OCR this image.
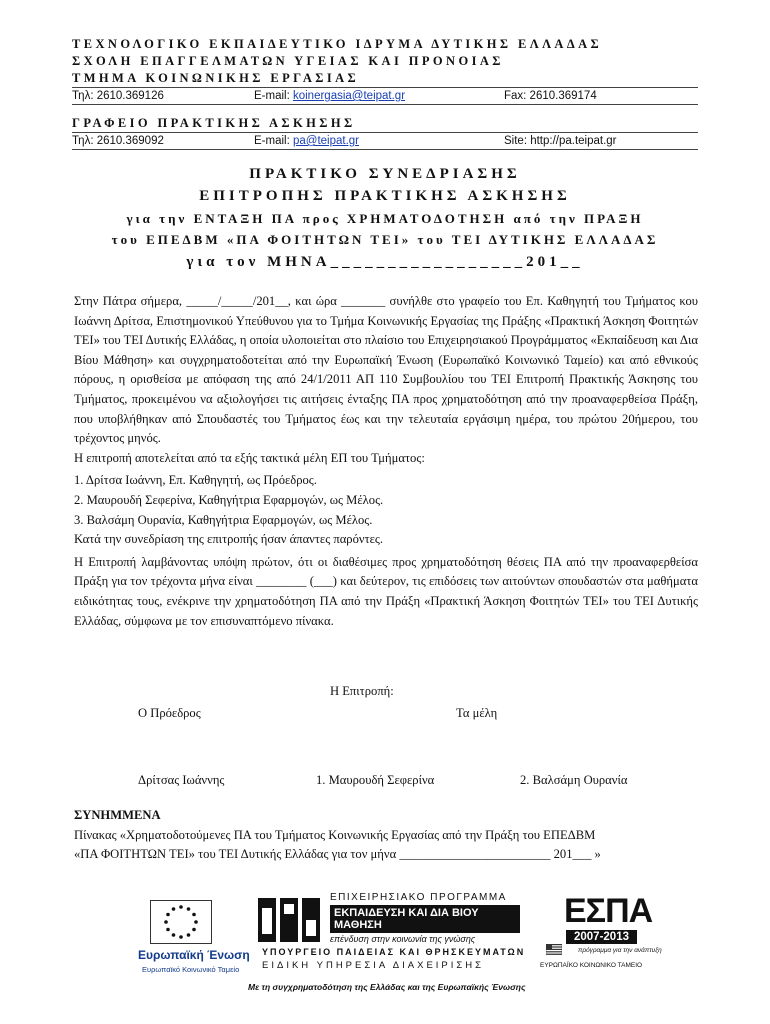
ΤΕΧΝΟΛΟΓΙΚΟ ΕΚΠΑΙΔΕΥΤΙΚΟ ΙΔΡΥΜΑ ΔΥΤΙΚΗΣ ΕΛΛΑΔΑΣ
ΣΧΟΛΗ ΕΠΑΓΓΕΛΜΑΤΩΝ ΥΓΕΙΑΣ ΚΑΙ ΠΡΟΝΟΙΑΣ
ΤΜΗΜΑ ΚΟΙΝΩΝΙΚΗΣ ΕΡΓΑΣΙΑΣ
Τηλ: 2610.369126	E-mail: koinergasia@teipat.gr	Fax: 2610.369174
ΓΡΑΦΕΙΟ ΠΡΑΚΤΙΚΗΣ ΑΣΚΗΣΗΣ
Τηλ: 2610.369092	E-mail: pa@teipat.gr	Site: http://pa.teipat.gr
ΠΡΑΚΤΙΚΟ ΣΥΝΕΔΡΙΑΣΗΣ
ΕΠΙΤΡΟΠΗΣ ΠΡΑΚΤΙΚΗΣ ΑΣΚΗΣΗΣ
για την ΕΝΤΑΞΗ ΠΑ προς ΧΡΗΜΑΤΟΔΟΤΗΣΗ από την ΠΡΑΞΗ
του ΕΠΕΔΒΜ «ΠΑ ΦΟΙΤΗΤΩΝ ΤΕΙ» του ΤΕΙ ΔΥΤΙΚΗΣ ΕΛΛΑΔΑΣ
για τον ΜΗΝΑ_________________201__

Στην Πάτρα σήμερα, _____/_____/201__, και ώρα _______ συνήλθε στο γραφείο του Επ. Καθηγητή του Τμήματος κου Ιωάννη Δρίτσα, Επιστημονικού Υπεύθυνου για το Τμήμα Κοινωνικής Εργασίας της Πράξης «Πρακτική Άσκηση Φοιτητών ΤΕΙ» του ΤΕΙ Δυτικής Ελλάδας, η οποία υλοποιείται στο πλαίσιο του Επιχειρησιακού Προγράμματος «Εκπαίδευση και Δια Βίου Μάθηση» και συγχρηματοδοτείται από την Ευρωπαϊκή Ένωση (Ευρωπαϊκό Κοινωνικό Ταμείο) και από εθνικούς πόρους, η ορισθείσα με απόφαση της από 24/1/2011 ΑΠ 110 Συμβουλίου του ΤΕΙ Επιτροπή Πρακτικής Άσκησης του Τμήματος, προκειμένου να αξιολογήσει τις αιτήσεις ένταξης ΠΑ προς χρηματοδότηση από την προαναφερθείσα Πράξη, που υποβλήθηκαν από Σπουδαστές του Τμήματος έως και την τελευταία εργάσιμη ημέρα, του πρώτου 20ήμερου, του τρέχοντος μηνός.

Η επιτροπή αποτελείται από τα εξής τακτικά μέλη ΕΠ του Τμήματος:

1. Δρίτσα Ιωάννη, Επ. Καθηγητή, ως Πρόεδρος.

2. Μαυρουδή Σεφερίνα, Καθηγήτρια Εφαρμογών, ως Μέλος.

3. Βαλσάμη Ουρανία, Καθηγήτρια Εφαρμογών, ως Μέλος.

Κατά την συνεδρίαση της επιτροπής ήσαν άπαντες παρόντες.

Η Επιτροπή λαμβάνοντας υπόψη πρώτον, ότι οι διαθέσιμες προς χρηματοδότηση θέσεις ΠΑ από την προαναφερθείσα Πράξη για τον τρέχοντα μήνα είναι ________ (___) και δεύτερον, τις επιδόσεις των αιτούντων σπουδαστών στα μαθήματα ειδικότητας τους, ενέκρινε την χρηματοδότηση ΠΑ από την Πράξη «Πρακτική Άσκηση Φοιτητών ΤΕΙ» του ΤΕΙ Δυτικής Ελλάδας, σύμφωνα με τον επισυναπτόμενο πίνακα.

Η Επιτροπή:
Ο Πρόεδρος	Τα μέλη
Δρίτσας Ιωάννης	1. Μαυρουδή Σεφερίνα	2. Βαλσάμη Ουρανία

ΣΥΝΗΜΜΕΝΑ

Πίνακας «Χρηματοδοτούμενες ΠΑ του Τμήματος Κοινωνικής Εργασίας από την Πράξη του ΕΠΕΔΒΜ

«ΠΑ ΦΟΙΤΗΤΩΝ ΤΕΙ» του ΤΕΙ Δυτικής Ελλάδας για τον μήνα ________________________ 201___ »

Ευρωπαϊκή Ένωση
Ευρωπαϊκό Κοινωνικό Ταμείο
ΕΠΙΧΕΙΡΗΣΙΑΚΟ ΠΡΟΓΡΑΜΜΑ
ΕΚΠΑΙΔΕΥΣΗ ΚΑΙ ΔΙΑ ΒΙΟΥ ΜΑΘΗΣΗ
επένδυση στην κοινωνία της γνώσης
ΥΠΟΥΡΓΕΙΟ ΠΑΙΔΕΙΑΣ ΚΑΙ ΘΡΗΣΚΕΥΜΑΤΩΝ
ΕΙΔΙΚΗ ΥΠΗΡΕΣΙΑ ΔΙΑΧΕΙΡΙΣΗΣ
Με τη συγχρηματοδότηση της Ελλάδας και της Ευρωπαϊκής Ένωσης
ΕΣΠΑ
2007-2013
πρόγραμμα για την ανάπτυξη
ΕΥΡΩΠΑΪΚΟ ΚΟΙΝΩΝΙΚΟ ΤΑΜΕΙΟ
